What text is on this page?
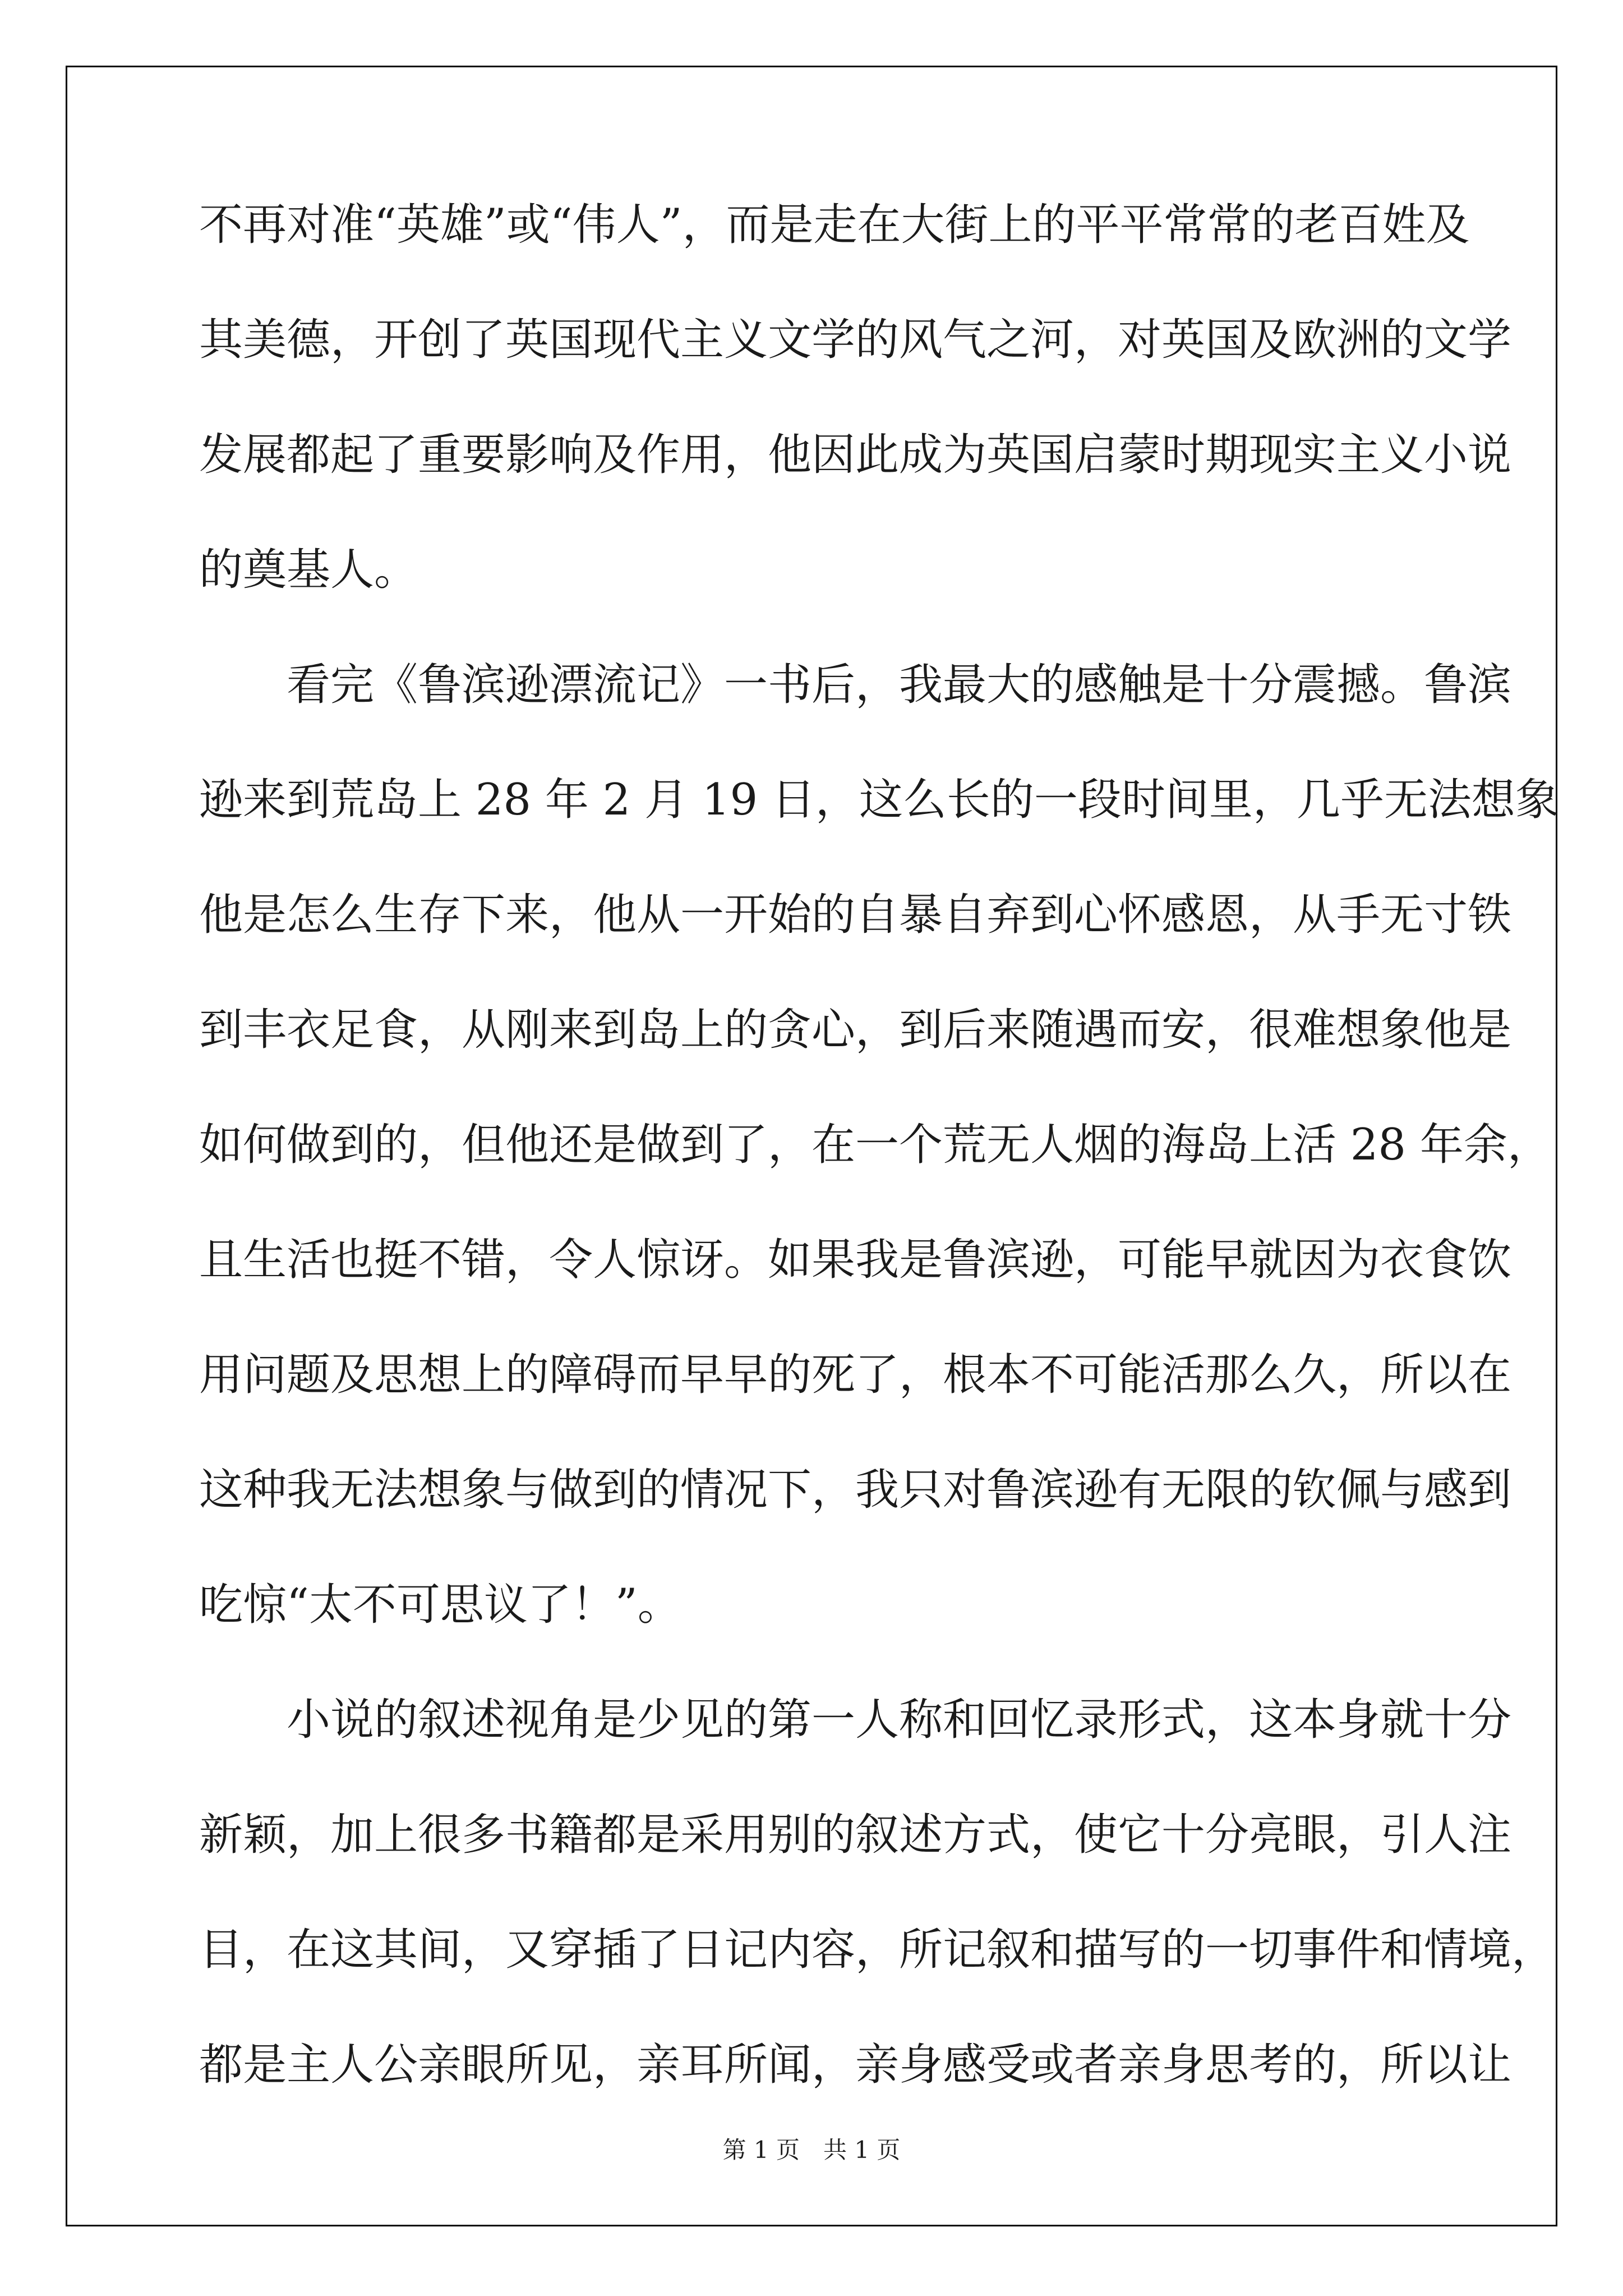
不再对准“英雄”或“伟人”，而是走在大街上的平平常常的老百姓及
其美德，开创了英国现代主义文学的风气之河，对英国及欧洲的文学
发展都起了重要影响及作用，他因此成为英国启蒙时期现实主义小说
的奠基人。
　　看完《鲁滨逊漂流记》一书后，我最大的感触是十分震撼。鲁滨
逊来到荒岛上 28 年 2 月 19 日，这么长的一段时间里，几乎无法想象
他是怎么生存下来，他从一开始的自暴自弃到心怀感恩，从手无寸铁
到丰衣足食，从刚来到岛上的贪心，到后来随遇而安，很难想象他是
如何做到的，但他还是做到了，在一个荒无人烟的海岛上活 28 年余，
且生活也挺不错，令人惊讶。如果我是鲁滨逊，可能早就因为衣食饮
用问题及思想上的障碍而早早的死了，根本不可能活那么久，所以在
这种我无法想象与做到的情况下，我只对鲁滨逊有无限的钦佩与感到
吃惊“太不可思议了！”。
　　小说的叙述视角是少见的第一人称和回忆录形式，这本身就十分
新颖，加上很多书籍都是采用别的叙述方式，使它十分亮眼，引人注
目，在这其间，又穿插了日记内容，所记叙和描写的一切事件和情境，
都是主人公亲眼所见，亲耳所闻，亲身感受或者亲身思考的，所以让
第 1 页　共 1 页
